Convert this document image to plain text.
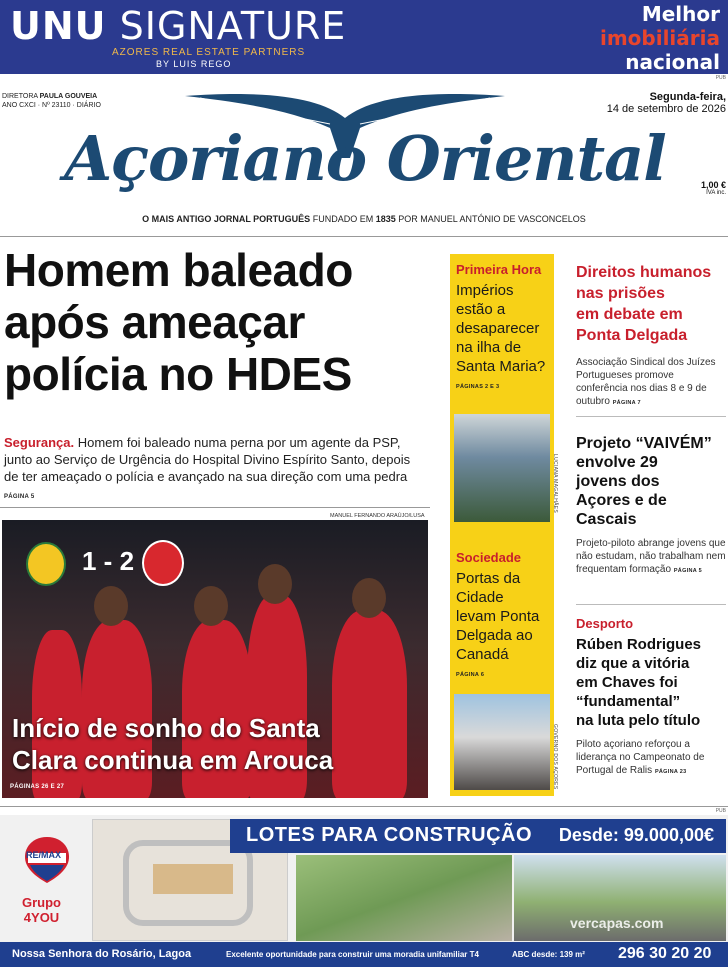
UNU SIGNATURE
AZORES REAL ESTATE PARTNERS
BY LUIS REGO
Melhor
imobiliária
nacional
PUB
DIRETORA PAULA GOUVEIA
ANO CXCI · Nº 23110 · DIÁRIO
Segunda-feira,
14 de setembro de 2026
Açoriano Oriental	1,00 €
IVA inc.
O MAIS ANTIGO JORNAL PORTUGUÊS FUNDADO EM 1835 POR MANUEL ANTÓNIO DE VASCONCELOS
Homem baleado
após ameaçar
polícia no HDES
Segurança. Homem foi baleado numa perna por um agente da PSP, junto ao Serviço de Urgência do Hospital Divino Espírito Santo, depois de ter ameaçado o polícia e avançado na sua direção com uma pedra PÁGINA 5
MANUEL FERNANDO ARAÚJO/LUSA
1 - 2
Início de sonho do Santa
Clara continua em Arouca
PÁGINAS 26 E 27
Primeira Hora
Impérios
estão a
desaparecer
na ilha de
Santa Maria?
PÁGINAS 2 E 3
LUCIANA MAGALHÃES
Sociedade
Portas da
Cidade
levam Ponta
Delgada ao
Canadá
PÁGINA 6
GOVERNO DOS AÇORES
Direitos humanos
nas prisões
em debate em
Ponta Delgada
Associação Sindical dos Juízes Portugueses promove conferência nos dias 8 e 9 de outubro PÁGINA 7
Projeto “VAIVÉM”
envolve 29
jovens dos
Açores e de
Cascais
Projeto-piloto abrange jovens que não estudam, não trabalham nem frequentam formação PÁGINA 5
Desporto
Rúben Rodrigues
diz que a vitória
em Chaves foi
“fundamental”
na luta pelo título
Piloto açoriano reforçou a liderança no Campeonato de Portugal de Ralis PÁGINA 23
PUB
RE/MAX
Grupo
4YOU
LOTES PARA CONSTRUÇÃO Desde: 99.000,00€
vercapas.com
Nossa Senhora do Rosário, Lagoa	Excelente oportunidade para construir uma moradia unifamiliar T4	ABC desde: 139 m² 296 30 20 20
